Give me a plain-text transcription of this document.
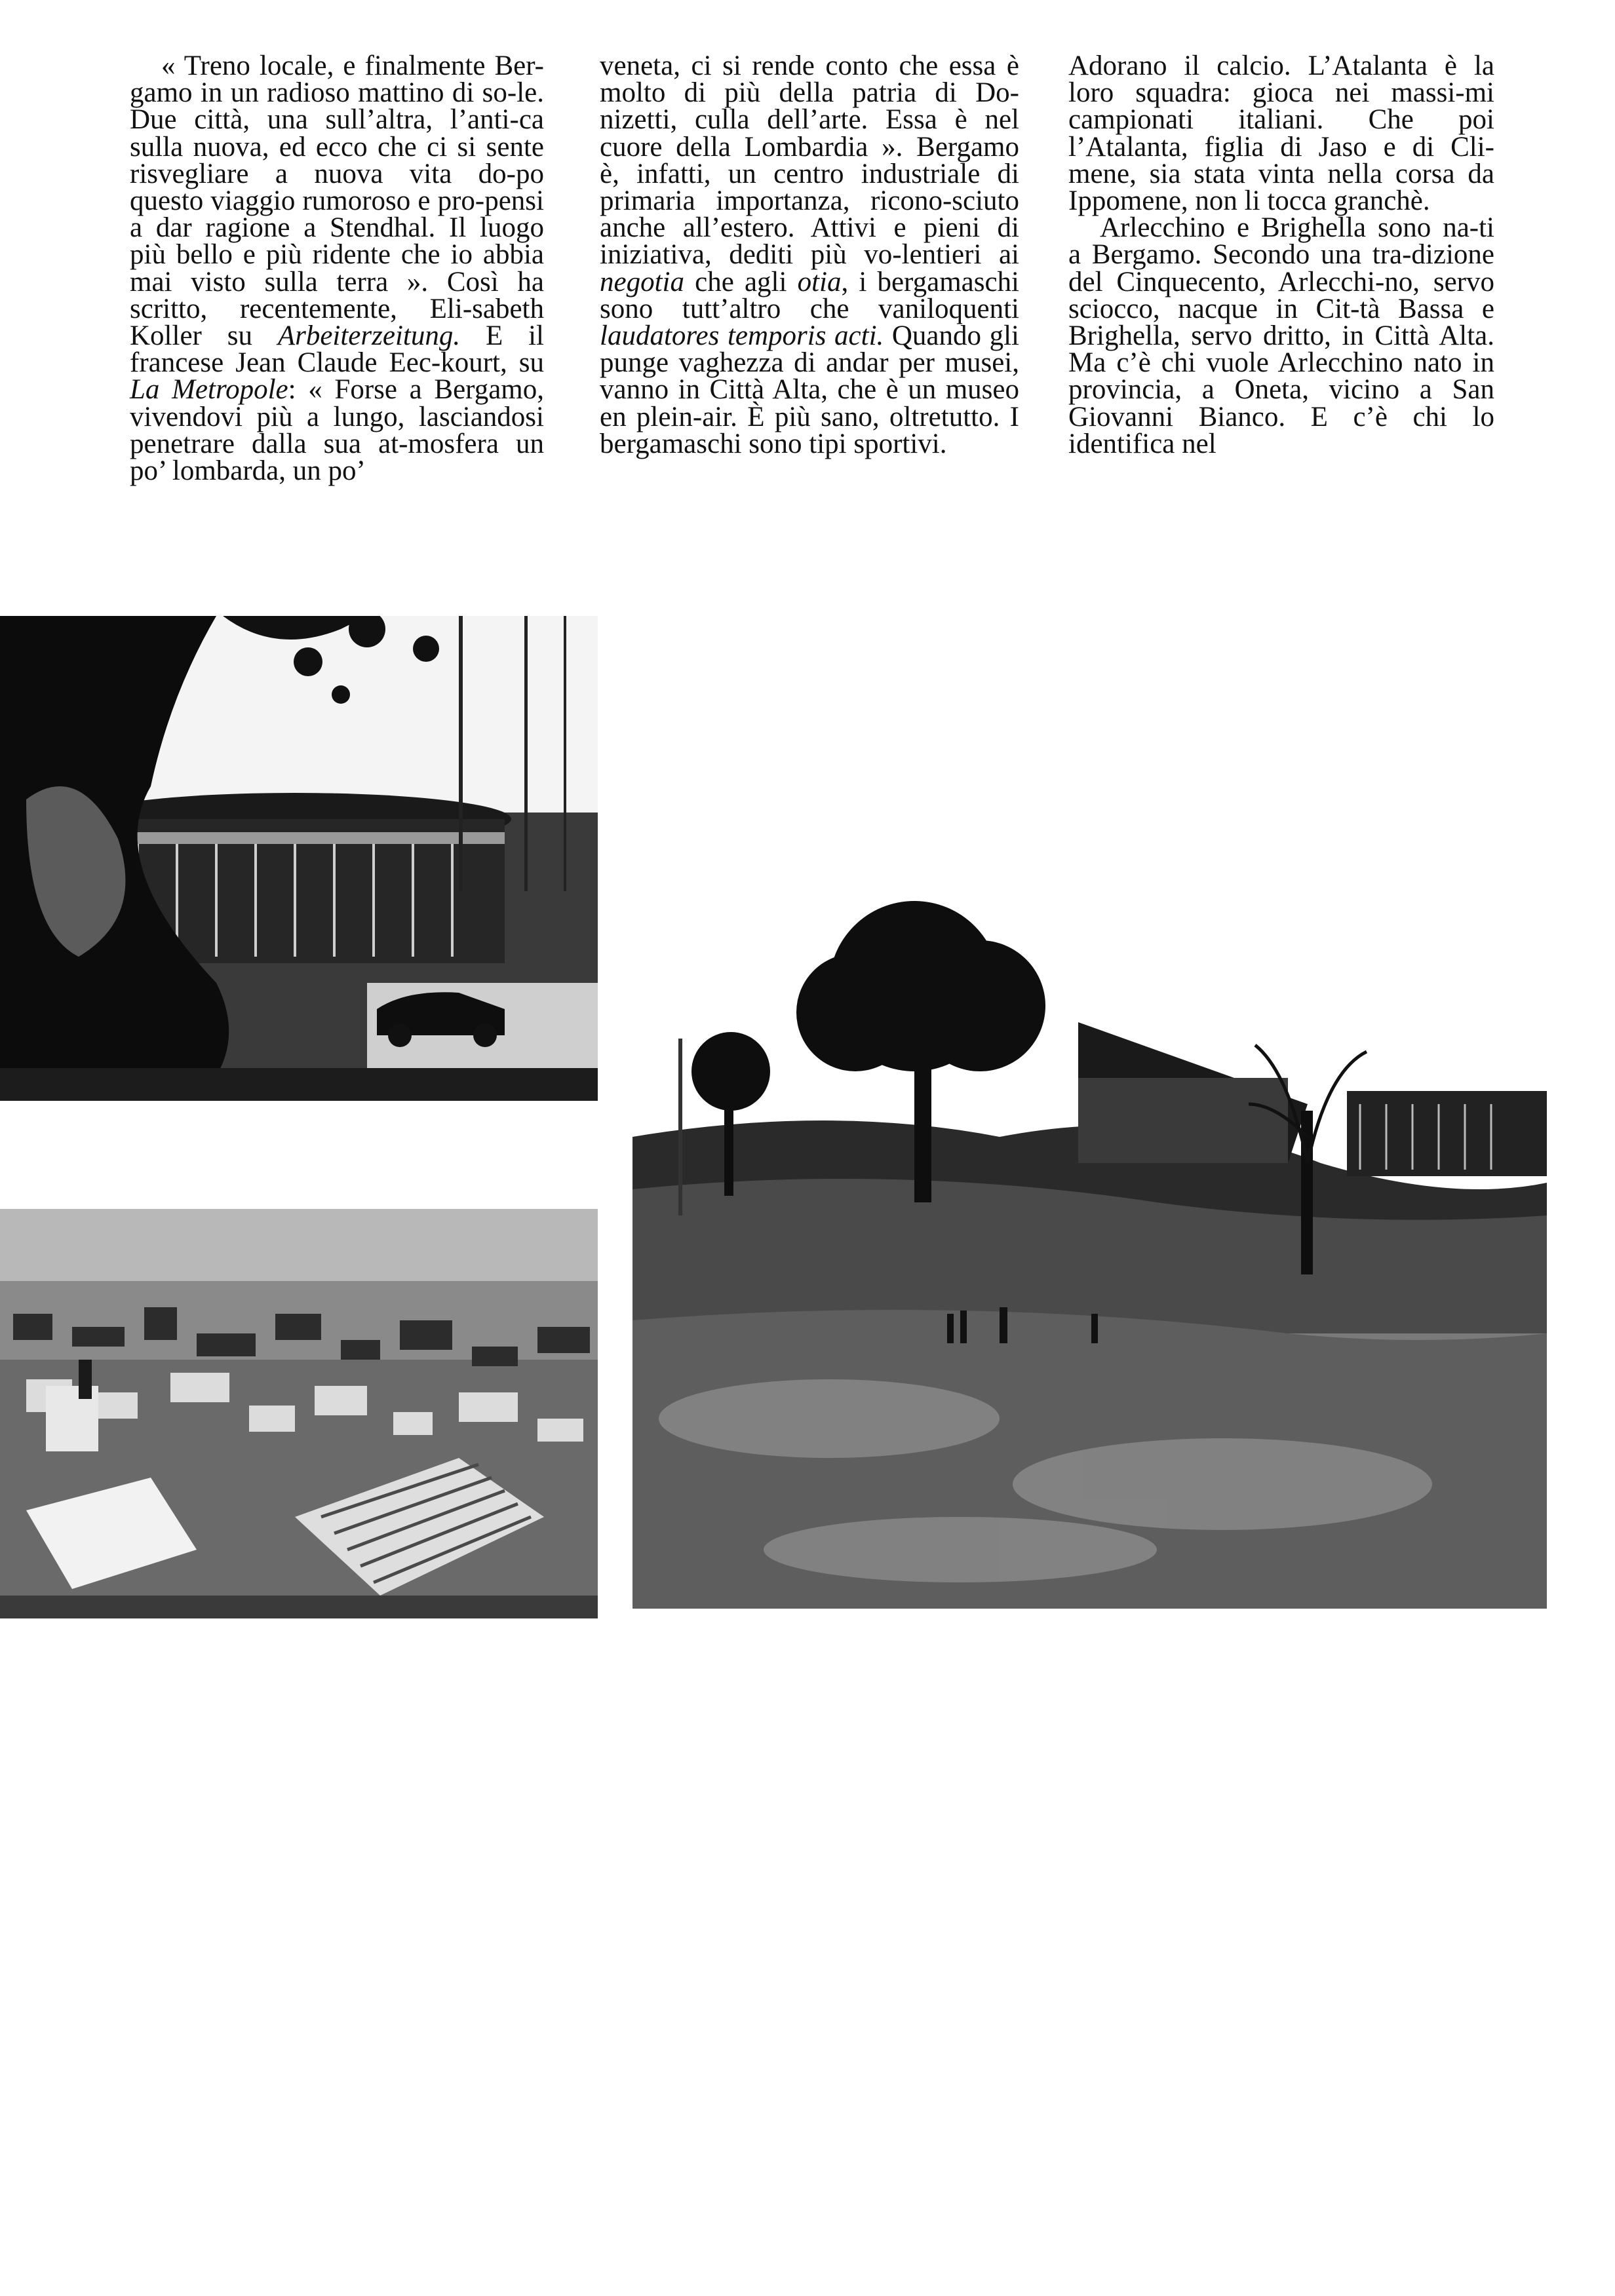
« Treno locale, e finalmente Ber-gamo in un radioso mattino di so-le. Due città, una sull’altra, l’anti-ca sulla nuova, ed ecco che ci si sente risvegliare a nuova vita do-po questo viaggio rumoroso e pro-pensi a dar ragione a Stendhal. Il luogo più bello e più ridente che io abbia mai visto sulla terra ». Così ha scritto, recentemente, Eli-sabeth Koller su Arbeiterzeitung. E il francese Jean Claude Eec-kourt, su La Metropole: « Forse a Bergamo, vivendovi più a lungo, lasciandosi penetrare dalla sua at-mosfera un po’ lombarda, un po’

veneta, ci si rende conto che essa è molto di più della patria di Do-nizetti, culla dell’arte. Essa è nel cuore della Lombardia ». Bergamo è, infatti, un centro industriale di primaria importanza, ricono-sciuto anche all’estero. Attivi e pieni di iniziativa, dediti più vo-lentieri ai negotia che agli otia, i bergamaschi sono tutt’altro che vaniloquenti laudatores temporis acti. Quando gli punge vaghezza di andar per musei, vanno in Città Alta, che è un museo en plein-air. È più sano, oltretutto. I bergamaschi sono tipi sportivi.

Adorano il calcio. L’Atalanta è la loro squadra: gioca nei massi-mi campionati italiani. Che poi l’Atalanta, figlia di Jaso e di Cli-mene, sia stata vinta nella corsa da Ippomene, non li tocca granchè.

Arlecchino e Brighella sono na-ti a Bergamo. Secondo una tra-dizione del Cinquecento, Arlecchi-no, servo sciocco, nacque in Cit-tà Bassa e Brighella, servo dritto, in Città Alta. Ma c’è chi vuole Arlecchino nato in provincia, a Oneta, vicino a San Giovanni Bianco. E c’è chi lo identifica nel
